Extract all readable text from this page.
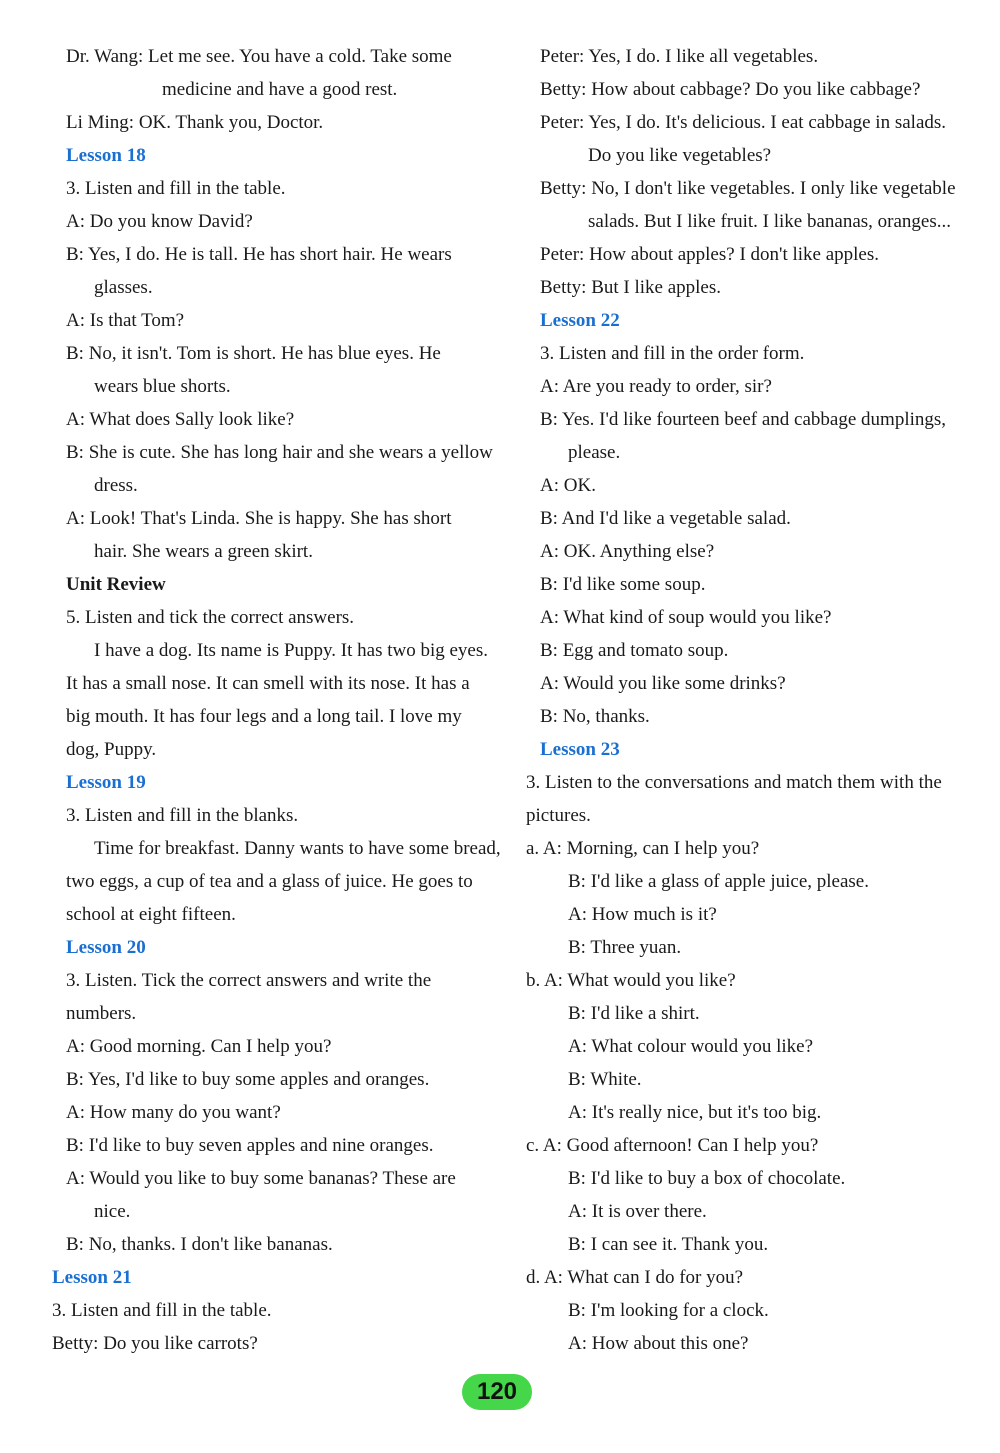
Dr. Wang: Let me see. You have a cold. Take some
medicine and have a good rest.
Li Ming: OK. Thank you, Doctor.
Lesson 18
3. Listen and fill in the table.
A: Do you know David?
B: Yes, I do. He is tall. He has short hair. He wears
glasses.
A: Is that Tom?
B: No, it isn't. Tom is short. He has blue eyes. He
wears blue shorts.
A: What does Sally look like?
B: She is cute. She has long hair and she wears a yellow
dress.
A: Look! That's Linda. She is happy. She has short
hair. She wears a green skirt.
Unit Review
5. Listen and tick the correct answers.
I have a dog. Its name is Puppy. It has two big eyes.
It has a small nose. It can smell with its nose. It has a
big mouth. It has four legs and a long tail. I love my
dog, Puppy.
Lesson 19
3. Listen and fill in the blanks.
Time for breakfast. Danny wants to have some bread,
two eggs, a cup of tea and a glass of juice. He goes to
school at eight fifteen.
Lesson 20
3. Listen. Tick the correct answers and write the
numbers.
A: Good morning. Can I help you?
B: Yes, I'd like to buy some apples and oranges.
A: How many do you want?
B: I'd like to buy seven apples and nine oranges.
A: Would you like to buy some bananas? These are
nice.
B: No, thanks. I don't like bananas.
Lesson 21
3. Listen and fill in the table.
Betty: Do you like carrots?
Peter: Yes, I do. I like all vegetables.
Betty: How about cabbage? Do you like cabbage?
Peter: Yes, I do. It's delicious. I eat cabbage in salads.
Do you like vegetables?
Betty: No, I don't like vegetables. I only like vegetable
salads. But I like fruit. I like bananas, oranges...
Peter: How about apples? I don't like apples.
Betty: But I like apples.
Lesson 22
3. Listen and fill in the order form.
A: Are you ready to order, sir?
B: Yes. I'd like fourteen beef and cabbage dumplings,
please.
A: OK.
B: And I'd like a vegetable salad.
A: OK. Anything else?
B: I'd like some soup.
A: What kind of soup would you like?
B: Egg and tomato soup.
A: Would you like some drinks?
B: No, thanks.
Lesson 23
3. Listen to the conversations and match them with the
pictures.
a. A: Morning, can I help you?
B: I'd like a glass of apple juice, please.
A: How much is it?
B: Three yuan.
b. A: What would you like?
B: I'd like a shirt.
A: What colour would you like?
B: White.
A: It's really nice, but it's too big.
c. A: Good afternoon! Can I help you?
B: I'd like to buy a box of chocolate.
A: It is over there.
B: I can see it. Thank you.
d. A: What can I do for you?
B: I'm looking for a clock.
A: How about this one?
120
